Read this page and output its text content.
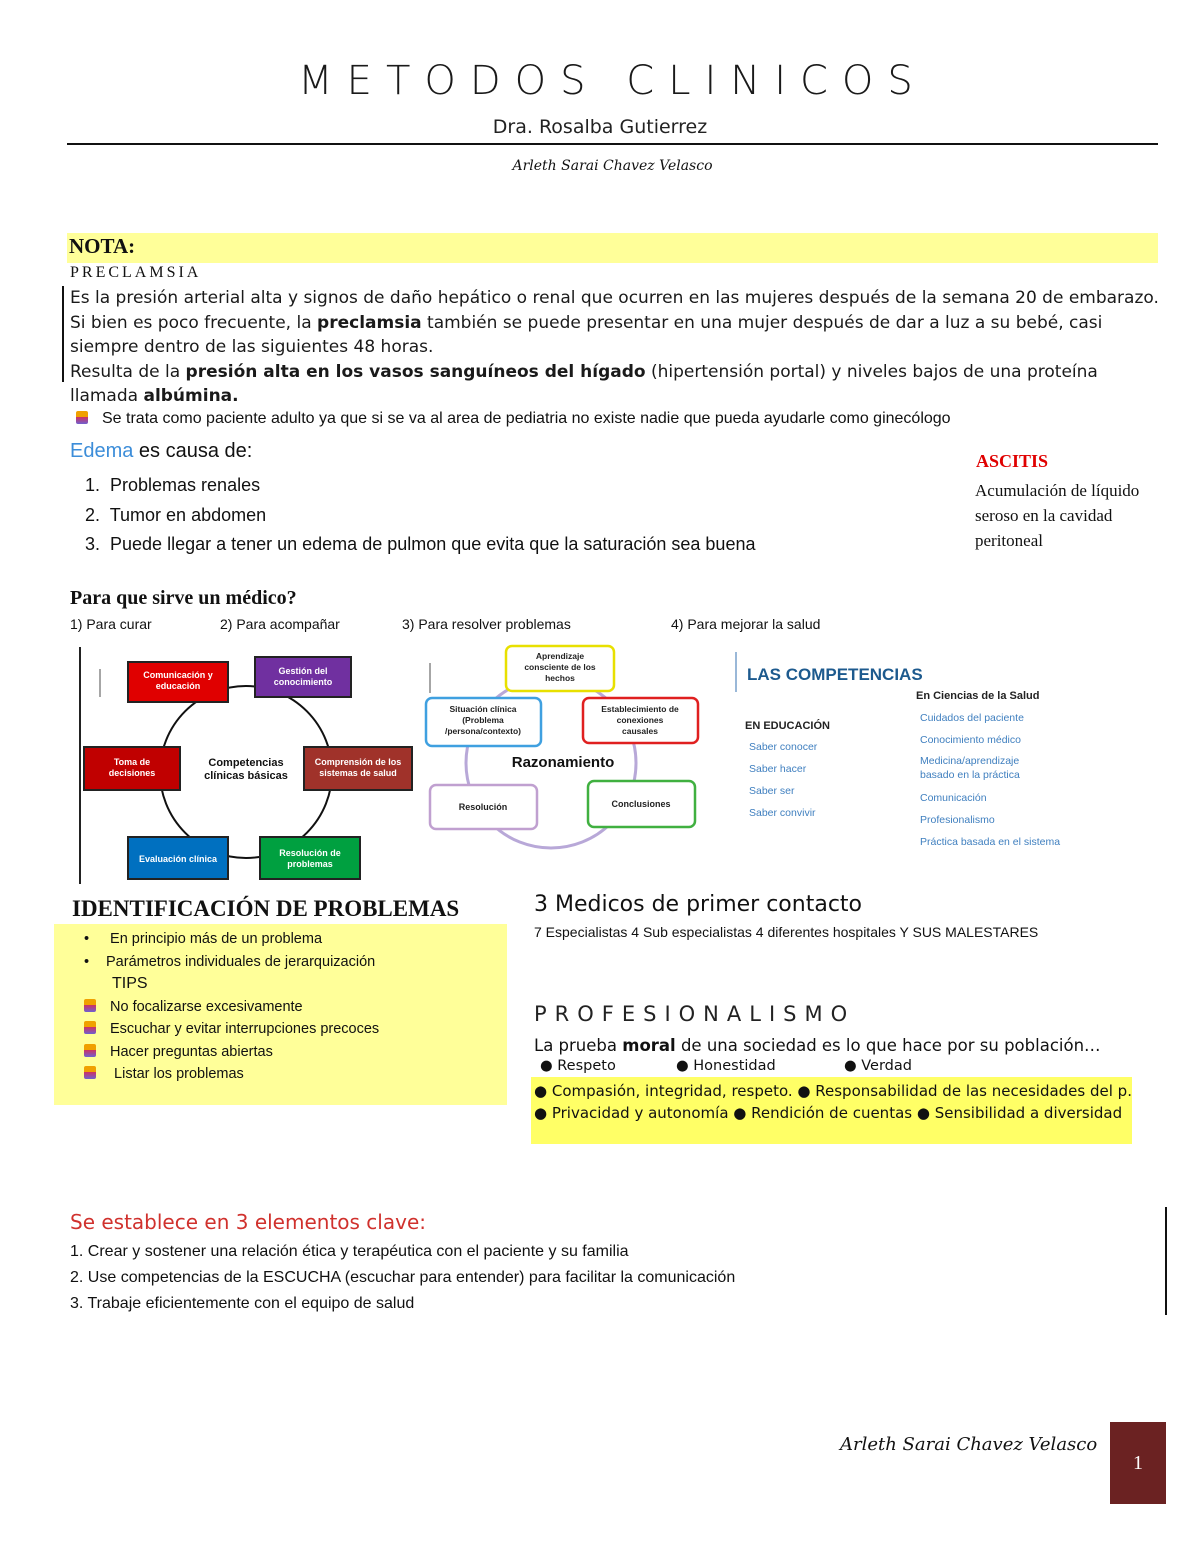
METODOS CLINICOS
Dra. Rosalba Gutierrez
Arleth Sarai Chavez Velasco
NOTA:
PRECLAMSIA
Es la presión arterial alta y signos de daño hepático o renal que ocurren en las mujeres después de la semana 20 de embarazo. Si bien es poco frecuente, la preclamsia también se puede presentar en una mujer después de dar a luz a su bebé, casi siempre dentro de las siguientes 48 horas.
Resulta de la presión alta en los vasos sanguíneos del hígado (hipertensión portal) y niveles bajos de una proteína llamada albúmina.
Se trata como paciente adulto ya que si se va al area de pediatria no existe nadie que pueda ayudarle como ginecólogo
Edema es causa de:
1.  Problemas renales
2.  Tumor en abdomen
3.  Puede llegar a tener un edema de pulmon que evita que la saturación sea buena
ASCITIS
Acumulación de líquido seroso en la cavidad peritoneal
Para que sirve un médico?
1) Para curar	2) Para acompañar	3) Para resolver problemas	4) Para mejorar la salud
Comunicación y
educación
Gestión del
conocimiento
Comprensión de los
sistemas de salud
Resolución de
problemas
Evaluación clínica
Toma de
decisiones
Competencias
clínicas básicas
Aprendizaje
consciente de los
hechos
Situación clínica
(Problema
/persona/contexto)
Establecimiento de
conexiones
causales
Razonamiento
Resolución	Conclusiones
LAS COMPETENCIAS
EN EDUCACIÓN
Saber conocer
Saber hacer
Saber ser
Saber convivir
En Ciencias de la Salud
Cuidados del paciente
Conocimiento médico
Medicina/aprendizaje
basado en la práctica
Comunicación
Profesionalismo
Práctica basada en el sistema
IDENTIFICACIÓN DE PROBLEMAS
• En principio más de un problema
• Parámetros individuales de jerarquización
TIPS
No focalizarse excesivamente
Escuchar y evitar interrupciones precoces
Hacer preguntas abiertas
Listar los problemas
3 Medicos de primer contacto
7 Especialistas 4 Sub especialistas 4 diferentes hospitales Y SUS MALESTARES
PROFESIONALISMO
La prueba moral de una sociedad es lo que hace por su población…
● Respeto	● Honestidad	● Verdad
● Compasión, integridad, respeto. ● Responsabilidad de las necesidades del p. ● Privacidad y autonomía ● Rendición de cuentas ● Sensibilidad a diversidad
Se establece en 3 elementos clave:
1. Crear y sostener una relación ética y terapéutica con el paciente y su familia
2. Use competencias de la ESCUCHA (escuchar para entender) para facilitar la comunicación
3. Trabaje eficientemente con el equipo de salud
Arleth Sarai Chavez Velasco
1
